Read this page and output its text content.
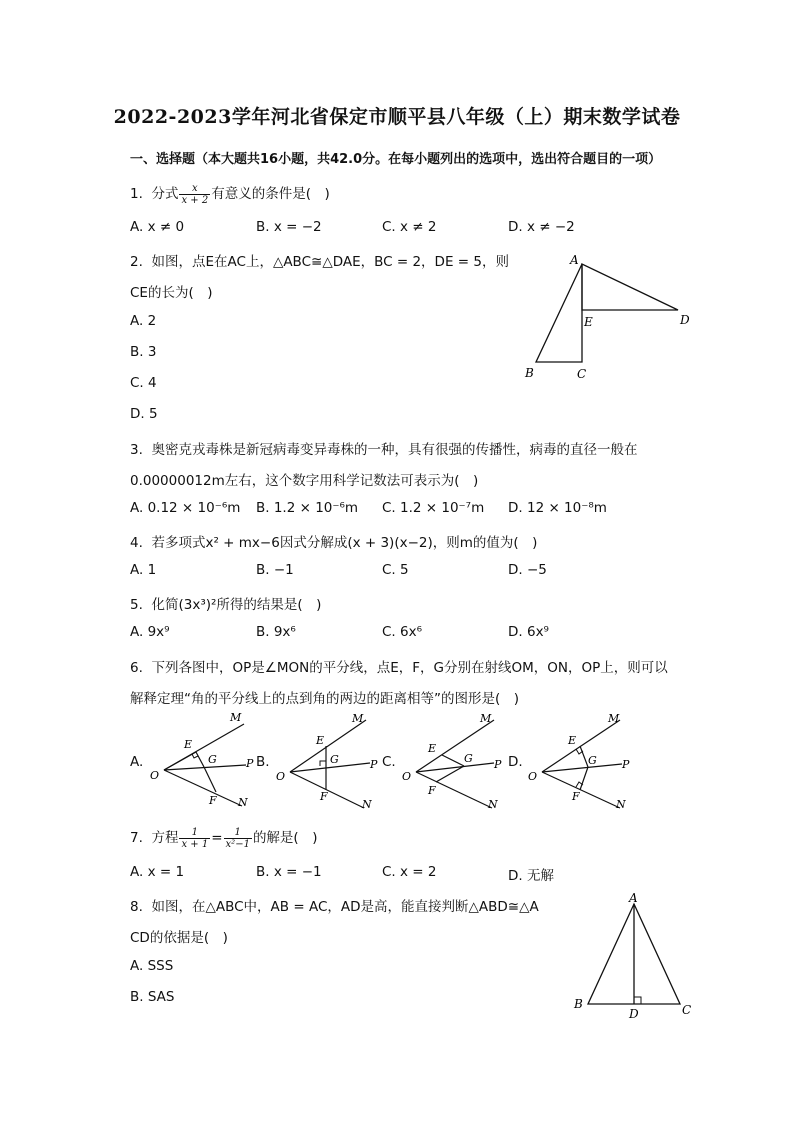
2022-2023学年河北省保定市顺平县八年级（上）期末数学试卷
一、选择题（本大题共16小题，共42.0分。在每小题列出的选项中，选出符合题目的一项）
1. 分式 $\frac{x}{x + 2}$ 有意义的条件是(　)
A. x ≠ 0	B. x = −2	C. x ≠ 2	D. x ≠ −2
2. 如图，点E在AC上，△ABC≅△DAE，BC = 2，DE = 5，则
CE的长为(　)
A. 2
B. 3
C. 4
D. 5
A
B	C
D
E
3. 奥密克戎毒株是新冠病毒变异毒株的一种，具有很强的传播性，病毒的直径一般在
0.00000012m左右，这个数字用科学记数法可表示为(　)
A. 0.12 × 10⁻⁶m B. 1.2 × 10⁻⁶m C. 1.2 × 10⁻⁷m D. 12 × 10⁻⁸m
4. 若多项式x² + mx−6因式分解成(x + 3)(x−2)，则m的值为(　)
A. 1	B. −1	C. 5	D. −5
5. 化简(3x³)²所得的结果是(　)
A. 9x⁹	B. 9x⁶	C. 6x⁶	D. 6x⁹
6. 下列各图中，OP是∠MON的平分线，点E，F，G分别在射线OM，ON，OP上，则可以
解释定理“角的平分线上的点到角的两边的距离相等”的图形是(　)
A.	B.	C.	D.
M
N
O
P
E
G
F
M
N
O
P
E
G
F
M
N
O
P
E
G
F
M
N
O
P
E
G
F
7. 方程 $\frac{1}{x + 1} = \frac{1}{\text{x²−1}}$ 的解是(　)
A. x = 1	B. x = −1	C. x = 2	D. 无解
8. 如图，在△ABC中，AB = AC，AD是高，能直接判断△ABD≅△A
CD的依据是(　)
A. SSS
B. SAS
A
B	C
D
